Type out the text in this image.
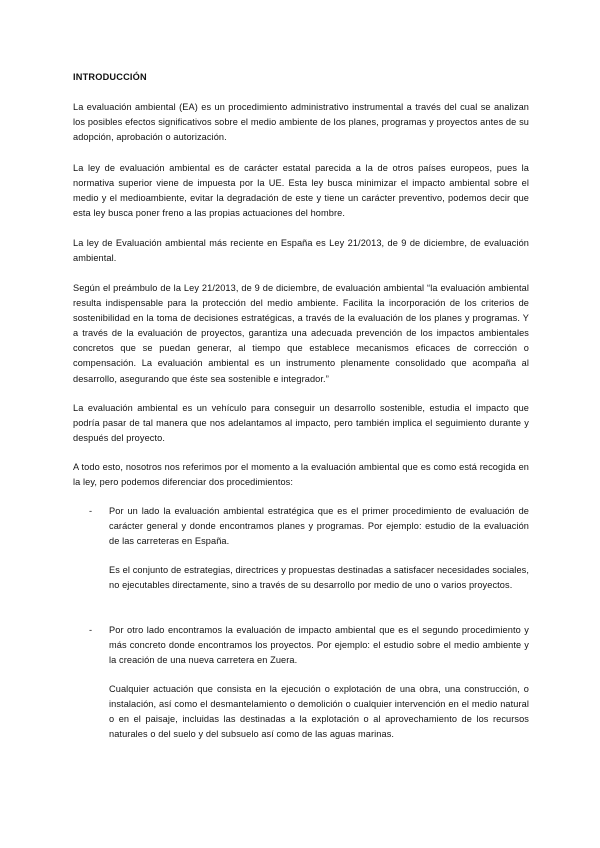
INTRODUCCIÓN

La evaluación ambiental (EA) es un procedimiento administrativo instrumental a través del cual se analizan los posibles efectos significativos sobre el medio ambiente de los planes, programas y proyectos antes de su adopción, aprobación o autorización.

La ley de evaluación ambiental es de carácter estatal parecida a la de otros países europeos, pues la normativa superior viene de impuesta por la UE. Esta ley busca minimizar el impacto ambiental sobre el medio y el medioambiente, evitar la degradación de este y tiene un carácter preventivo, podemos decir que esta ley busca poner freno a las propias actuaciones del hombre.

La ley de Evaluación ambiental más reciente en España es Ley 21/2013, de 9 de diciembre, de evaluación ambiental.

Según el preámbulo de la Ley 21/2013, de 9 de diciembre, de evaluación ambiental “la evaluación ambiental resulta indispensable para la protección del medio ambiente. Facilita la incorporación de los criterios de sostenibilidad en la toma de decisiones estratégicas, a través de la evaluación de los planes y programas. Y a través de la evaluación de proyectos, garantiza una adecuada prevención de los impactos ambientales concretos que se puedan generar, al tiempo que establece mecanismos eficaces de corrección o compensación. La evaluación ambiental es un instrumento plenamente consolidado que acompaña al desarrollo, asegurando que éste sea sostenible e integrador.”

La evaluación ambiental es un vehículo para conseguir un desarrollo sostenible, estudia el impacto que podría pasar de tal manera que nos adelantamos al impacto, pero también implica el seguimiento durante y después del proyecto.

A todo esto, nosotros nos referimos por el momento a la evaluación ambiental que es como está recogida en la ley, pero podemos diferenciar dos procedimientos:

- Por un lado la evaluación ambiental estratégica que es el primer procedimiento de evaluación de carácter general y donde encontramos planes y programas. Por ejemplo: estudio de la evaluación de las carreteras en España.

Es el conjunto de estrategias, directrices y propuestas destinadas a satisfacer necesidades sociales, no ejecutables directamente, sino a través de su desarrollo por medio de uno o varios proyectos.

- Por otro lado encontramos la evaluación de impacto ambiental que es el segundo procedimiento y más concreto donde encontramos los proyectos. Por ejemplo: el estudio sobre el medio ambiente y la creación de una nueva carretera en Zuera.

Cualquier actuación que consista en la ejecución o explotación de una obra, una construcción, o instalación, así como el desmantelamiento o demolición o cualquier intervención en el medio natural o en el paisaje, incluidas las destinadas a la explotación o al aprovechamiento de los recursos naturales o del suelo y del subsuelo así como de las aguas marinas.
